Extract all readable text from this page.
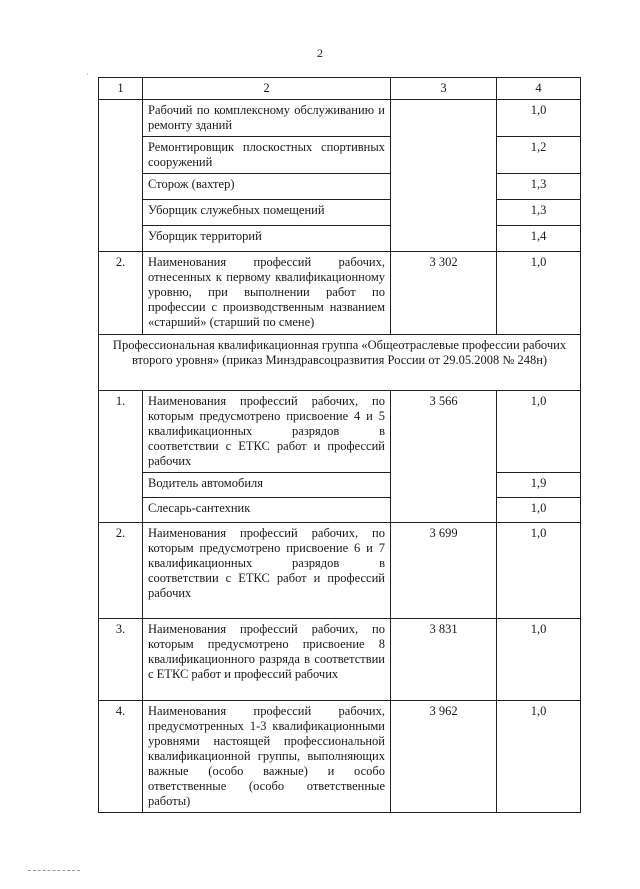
2
·
1	2	3	4
	Рабочий по комплексному обслуживанию и ремонту зданий		1,0
	Ремонтировщик плоскостных спортивных сооружений		1,2
	Сторож (вахтер)		1,3
	Уборщик служебных помещений		1,3
	Уборщик территорий		1,4
2.	Наименования профессий рабочих, отнесенных к первому квалификационному уровню, при выполнении работ по профессии с производственным названием «старший» (старший по смене)	3 302	1,0
Профессиональная квалификационная группа «Общеотраслевые профессии рабочих второго уровня» (приказ Минздравсоцразвития России от 29.05.2008 № 248н)			
1.	Наименования профессий рабочих, по которым предусмотрено присвоение 4 и 5 квалификационных разрядов в соответствии с ЕТКС работ и профессий рабочих	3 566	1,0
	Водитель автомобиля		1,9
	Слесарь-сантехник		1,0
2.	Наименования профессий рабочих, по которым предусмотрено присвоение 6 и 7 квалификационных разрядов в соответствии с ЕТКС работ и профессий рабочих	3 699	1,0
3.	Наименования профессий рабочих, по которым предусмотрено присвоение 8 квалификационного разряда в соответствии с ЕТКС работ и профессий рабочих	3 831	1,0
4.	Наименования профессий рабочих, предусмотренных 1-3 квалификационными уровнями настоящей профессиональной квалификационной группы, выполняющих важные (особо важные) и особо ответственные (особо ответственные работы)	3 962	1,0
